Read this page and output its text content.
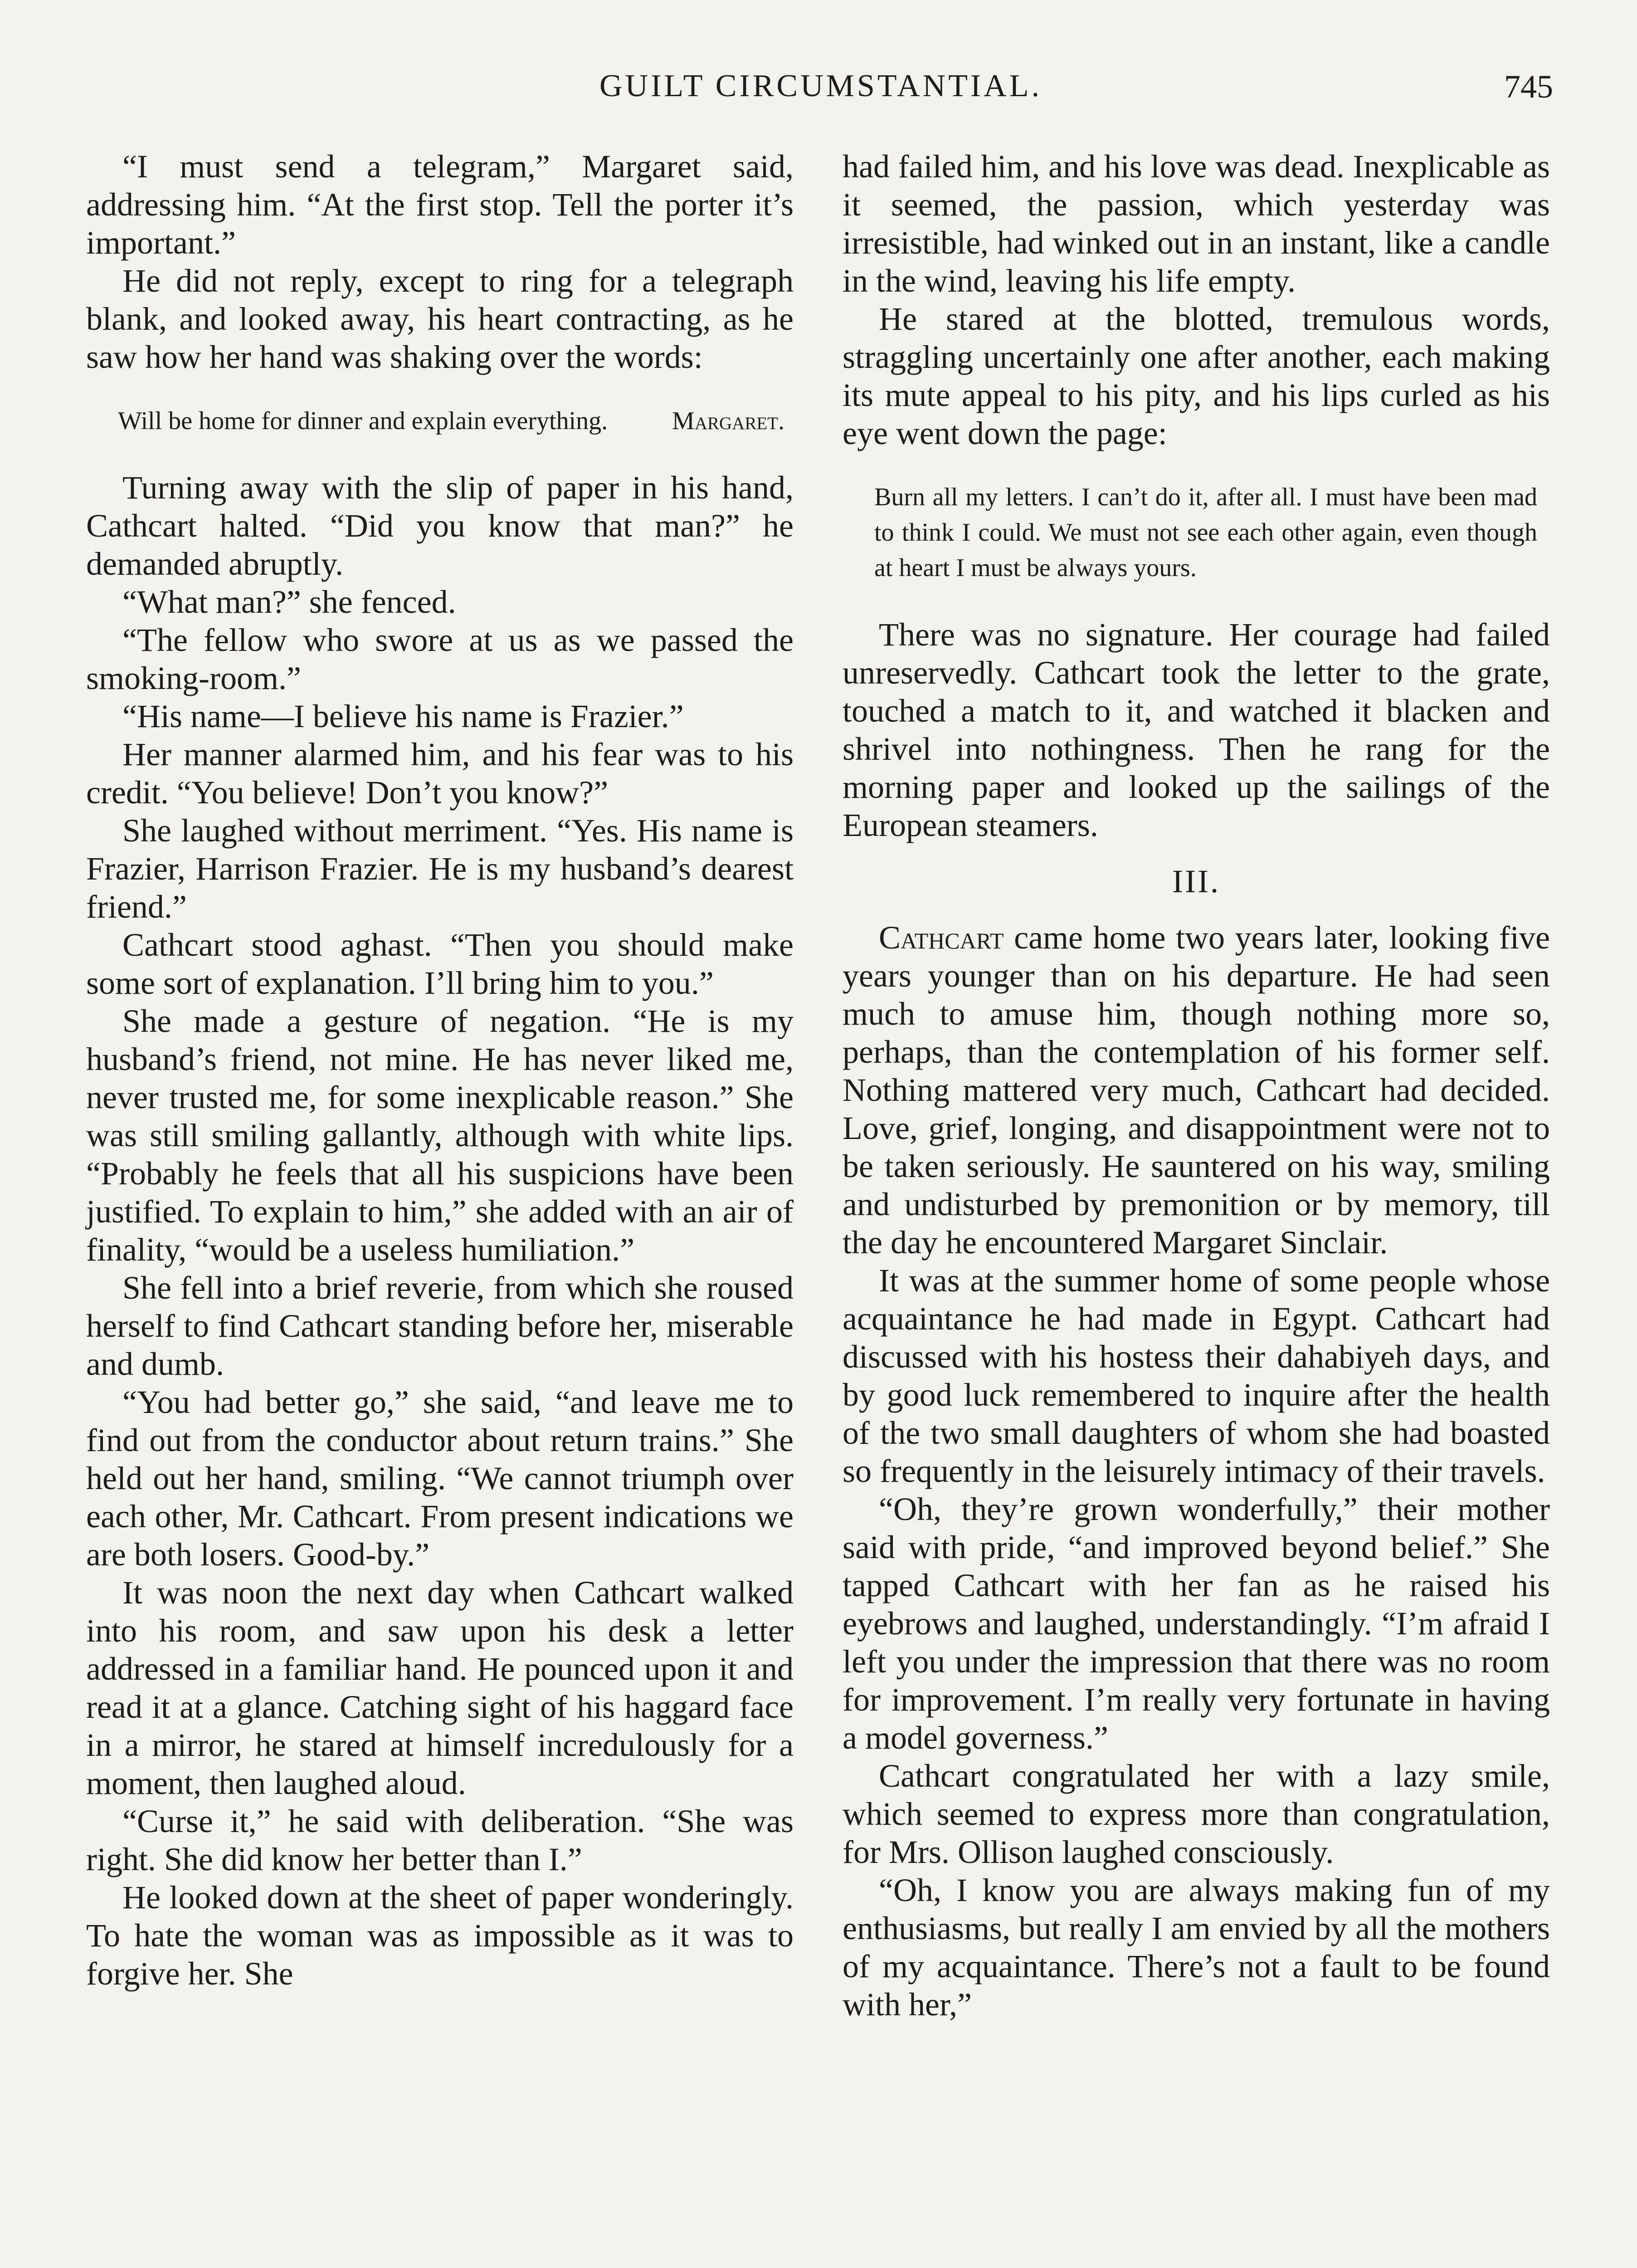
GUILT CIRCUMSTANTIAL.	745

“I must send a telegram,” Margaret said, addressing him. “At the first stop. Tell the porter it’s important.”

He did not reply, except to ring for a telegraph blank, and looked away, his heart contracting, as he saw how her hand was shaking over the words:

Will be home for dinner and explain everything.	Margaret.

Turning away with the slip of paper in his hand, Cathcart halted. “Did you know that man?” he demanded abruptly.

“What man?” she fenced.

“The fellow who swore at us as we passed the smoking-room.”

“His name—I believe his name is Frazier.”

Her manner alarmed him, and his fear was to his credit. “You believe! Don’t you know?”

She laughed without merriment. “Yes. His name is Frazier, Harrison Frazier. He is my husband’s dearest friend.”

Cathcart stood aghast. “Then you should make some sort of explanation. I’ll bring him to you.”

She made a gesture of negation. “He is my husband’s friend, not mine. He has never liked me, never trusted me, for some inexplicable reason.” She was still smiling gallantly, although with white lips. “Probably he feels that all his suspicions have been justified. To explain to him,” she added with an air of finality, “would be a useless humiliation.”

She fell into a brief reverie, from which she roused herself to find Cathcart standing before her, miserable and dumb.

“You had better go,” she said, “and leave me to find out from the conductor about return trains.” She held out her hand, smiling. “We cannot triumph over each other, Mr. Cathcart. From present indications we are both losers. Good-by.”

It was noon the next day when Cathcart walked into his room, and saw upon his desk a letter addressed in a familiar hand. He pounced upon it and read it at a glance. Catching sight of his haggard face in a mirror, he stared at himself incredulously for a moment, then laughed aloud.

“Curse it,” he said with deliberation. “She was right. She did know her better than I.”

He looked down at the sheet of paper wonderingly. To hate the woman was as impossible as it was to forgive her. She

had failed him, and his love was dead. Inexplicable as it seemed, the passion, which yesterday was irresistible, had winked out in an instant, like a candle in the wind, leaving his life empty.

He stared at the blotted, tremulous words, straggling uncertainly one after another, each making its mute appeal to his pity, and his lips curled as his eye went down the page:

Burn all my letters. I can’t do it, after all. I must have been mad to think I could. We must not see each other again, even though at heart I must be always yours.

There was no signature. Her courage had failed unreservedly. Cathcart took the letter to the grate, touched a match to it, and watched it blacken and shrivel into nothingness. Then he rang for the morning paper and looked up the sailings of the European steamers.

III.

Cathcart came home two years later, looking five years younger than on his departure. He had seen much to amuse him, though nothing more so, perhaps, than the contemplation of his former self. Nothing mattered very much, Cathcart had decided. Love, grief, longing, and disappointment were not to be taken seriously. He sauntered on his way, smiling and undisturbed by premonition or by memory, till the day he encountered Margaret Sinclair.

It was at the summer home of some people whose acquaintance he had made in Egypt. Cathcart had discussed with his hostess their dahabiyeh days, and by good luck remembered to inquire after the health of the two small daughters of whom she had boasted so frequently in the leisurely intimacy of their travels.

“Oh, they’re grown wonderfully,” their mother said with pride, “and improved beyond belief.” She tapped Cathcart with her fan as he raised his eyebrows and laughed, understandingly. “I’m afraid I left you under the impression that there was no room for improvement. I’m really very fortunate in having a model governess.”

Cathcart congratulated her with a lazy smile, which seemed to express more than congratulation, for Mrs. Ollison laughed consciously.

“Oh, I know you are always making fun of my enthusiasms, but really I am envied by all the mothers of my acquaintance. There’s not a fault to be found with her,”
